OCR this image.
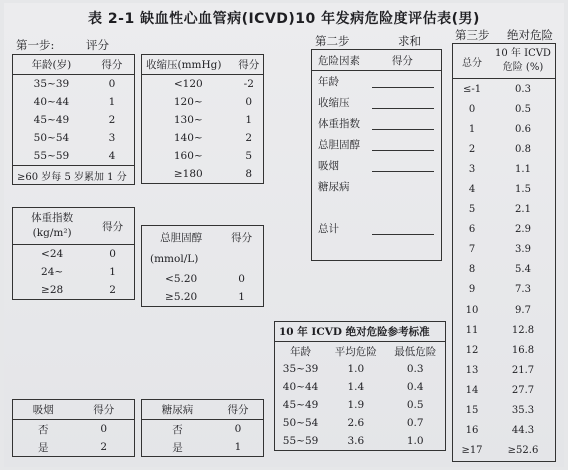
表 2-1 缺血性心血管病(ICVD)10 年发病危险度评估表(男)
第一步:	评分
年龄(岁)	得分
35~39	0
40~44	1
45~49	2
50~54	3
55~59	4
≥60 岁每 5 岁累加 1 分	
收缩压(mmHg)	得分
<120	-2
120~	0
130~	1
140~	2
160~	5
≥180	8
体重指数
(kg/m²)	得分
<24	0
24~	1
≥28	2
总胆固醇	得分
(mmol/L)	
<5.20	0
≥5.20	1
吸烟	得分
否	0
是	2
糖尿病	得分
否	0
是	1
第二步	求和
危险因素	得分
年龄	
收缩压	
体重指数	
总胆固醇	
吸烟	
糖尿病	

总计	

10 年 ICVD 绝对危险参考标准		
年龄	平均危险	最低危险
35~39	1.0	0.3
40~44	1.4	0.4
45~49	1.9	0.5
50~54	2.6	0.7
55~59	3.6	1.0
第三步 绝对危险
总分	10 年 ICVD
危险 (%)

≤-1	0.3
0	0.5
1	0.6
2	0.8
3	1.1
4	1.5
5	2.1
6	2.9
7	3.9
8	5.4
9	7.3
10	9.7
11	12.8
12	16.8
13	21.7
14	27.7
15	35.3
16	44.3
≥17	≥52.6
